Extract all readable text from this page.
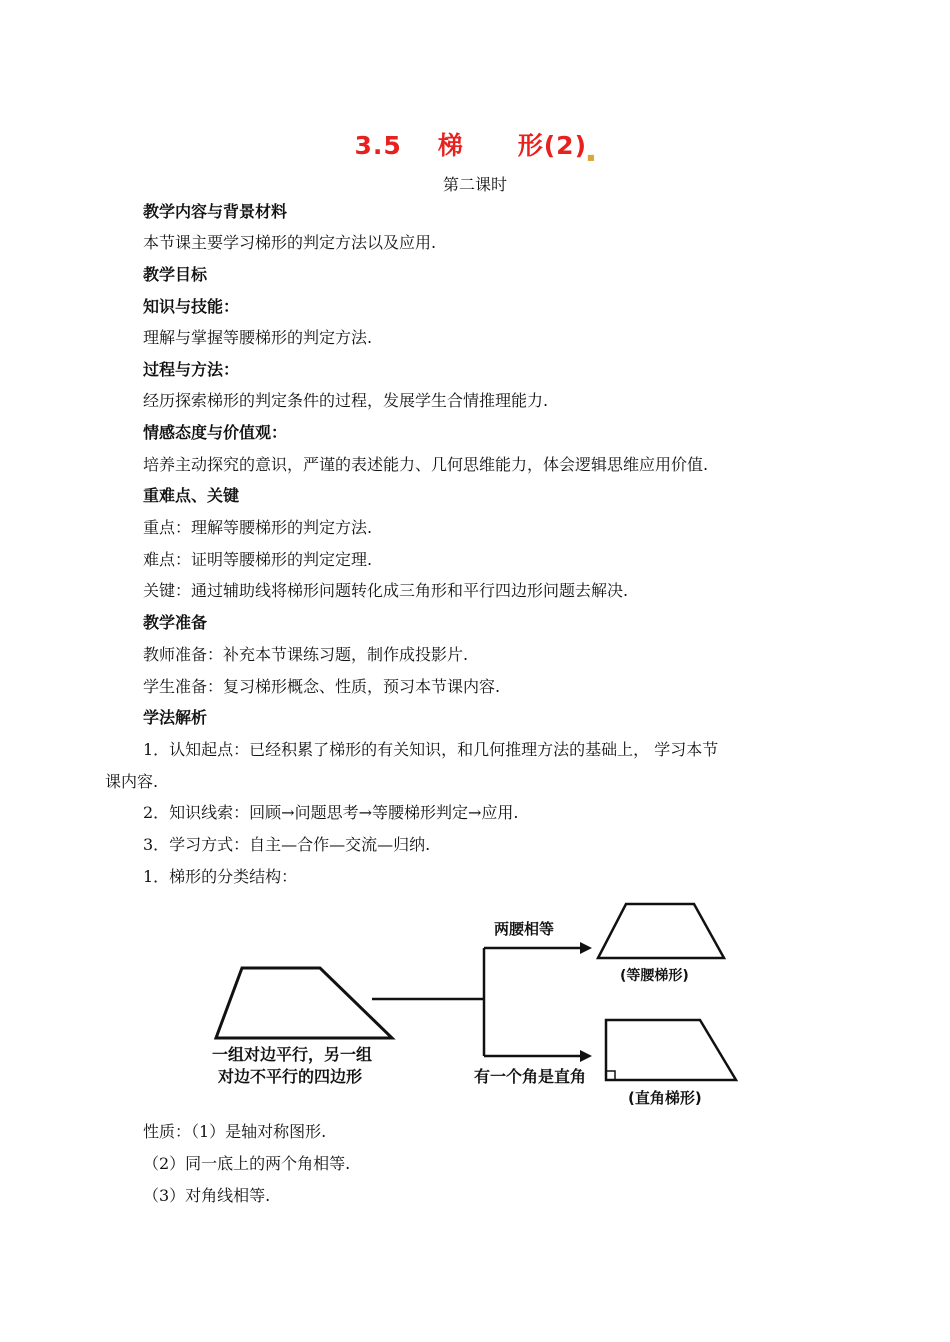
3.5 梯 形(2)■
第二课时
教学内容与背景材料
本节课主要学习梯形的判定方法以及应用.
教学目标
知识与技能：
理解与掌握等腰梯形的判定方法.
过程与方法：
经历探索梯形的判定条件的过程，发展学生合情推理能力.
情感态度与价值观：
培养主动探究的意识，严谨的表述能力、几何思维能力，体会逻辑思维应用价值.
重难点、关键
重点：理解等腰梯形的判定方法.
难点：证明等腰梯形的判定定理.
关键：通过辅助线将梯形问题转化成三角形和平行四边形问题去解决.
教学准备
教师准备：补充本节课练习题，制作成投影片.
学生准备：复习梯形概念、性质，预习本节课内容.
学法解析
1．认知起点：已经积累了梯形的有关知识，和几何推理方法的基础上， 学习本节
课内容.
2．知识线索：回顾→问题思考→等腰梯形判定→应用.
3．学习方式：自主—合作—交流—归纳.
1．梯形的分类结构：
一组对边平行，另一组
对边不平行的四边形
两腰相等
(等腰梯形)
有一个角是直角
(直角梯形)
性质：（1）是轴对称图形.
（2）同一底上的两个角相等.
（3）对角线相等.
